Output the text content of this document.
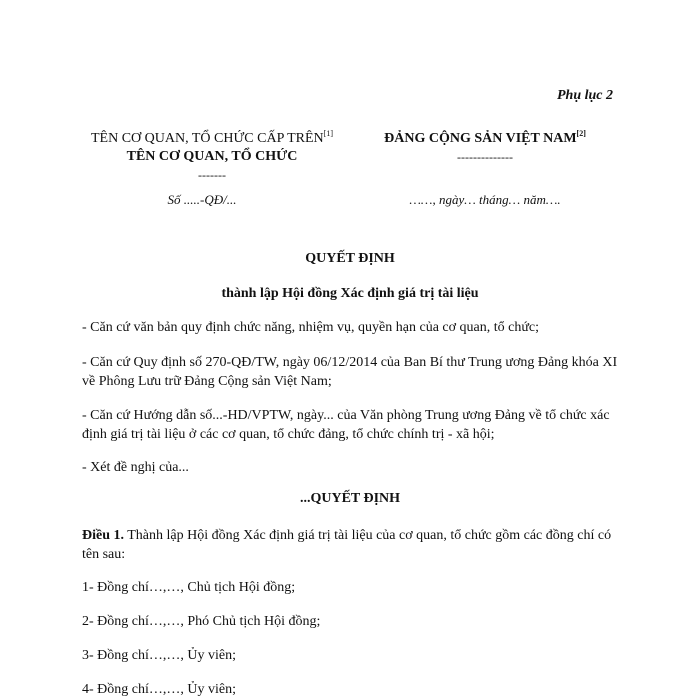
Phụ lục 2
TÊN CƠ QUAN, TỔ CHỨC CẤP TRÊN[1]
TÊN CƠ QUAN, TỔ CHỨC
-------
Số .....-QĐ/...
ĐẢNG CỘNG SẢN VIỆT NAM[2]
--------------
……, ngày… tháng… năm….
QUYẾT ĐỊNH
thành lập Hội đồng Xác định giá trị tài liệu
- Căn cứ văn bản quy định chức năng, nhiệm vụ, quyền hạn của cơ quan, tổ chức;
- Căn cứ Quy định số 270-QĐ/TW, ngày 06/12/2014 của Ban Bí thư Trung ương Đảng khóa XI về Phông Lưu trữ Đảng Cộng sản Việt Nam;
- Căn cứ Hướng dẫn số...-HD/VPTW, ngày... của Văn phòng Trung ương Đảng về tổ chức xác định giá trị tài liệu ở các cơ quan, tổ chức đảng, tổ chức chính trị - xã hội;
- Xét đề nghị của...
...QUYẾT ĐỊNH
Điều 1. Thành lập Hội đồng Xác định giá trị tài liệu của cơ quan, tổ chức gồm các đồng chí có tên sau:
1- Đồng chí…,…, Chủ tịch Hội đồng;
2- Đồng chí…,…, Phó Chủ tịch Hội đồng;
3- Đồng chí…,…, Ủy viên;
4- Đồng chí…,…, Ủy viên;
